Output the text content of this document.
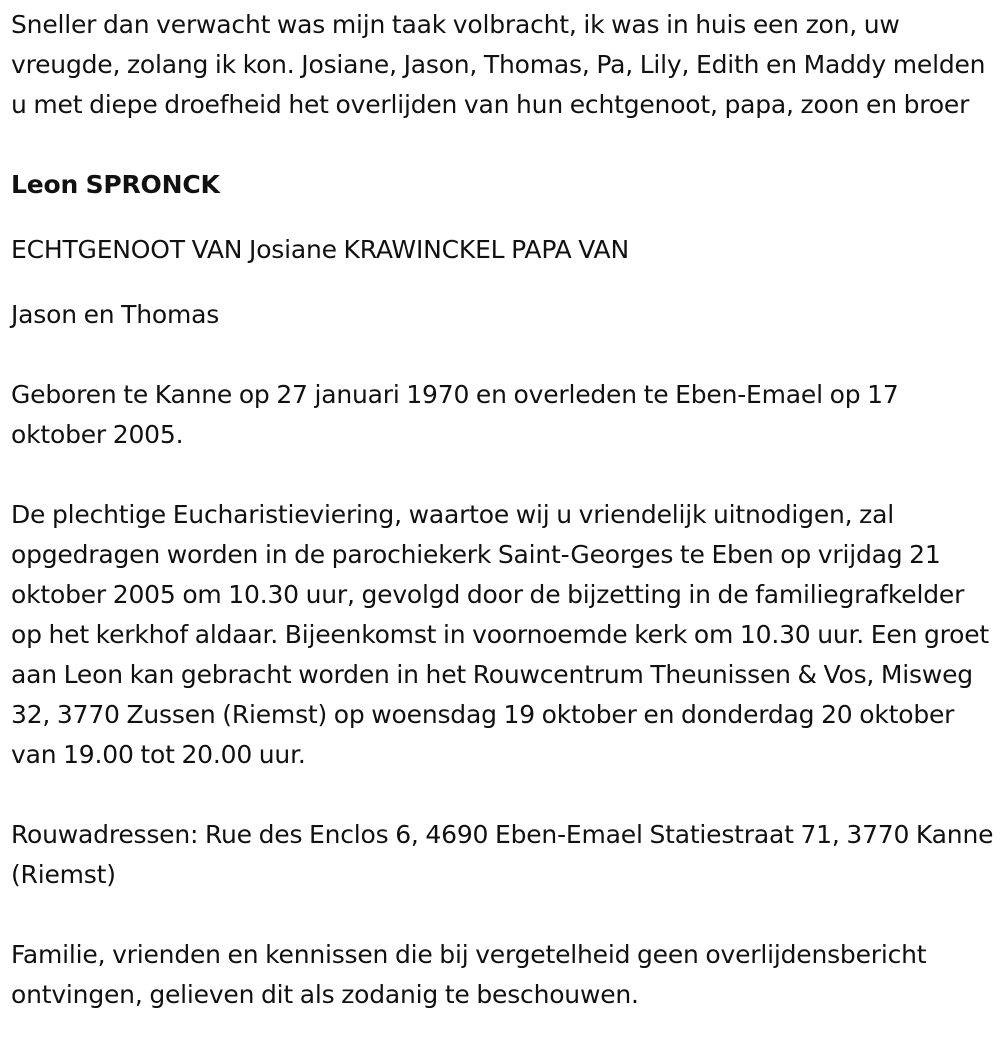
Sneller dan verwacht was mijn taak volbracht, ik was in huis een zon, uw vreugde, zolang ik kon. Josiane, Jason, Thomas, Pa, Lily, Edith en Maddy melden u met diepe droefheid het overlijden van hun echtgenoot, papa, zoon en broer

Leon SPRONCK

ECHTGENOOT VAN Josiane KRAWINCKEL PAPA VAN

Jason en Thomas

Geboren te Kanne op 27 januari 1970 en overleden te Eben-Emael op 17 oktober 2005.

De plechtige Eucharistieviering, waartoe wij u vriendelijk uitnodigen, zal opgedragen worden in de parochiekerk Saint-Georges te Eben op vrijdag 21 oktober 2005 om 10.30 uur, gevolgd door de bijzetting in de familiegrafkelder op het kerkhof aldaar. Bijeenkomst in voornoemde kerk om 10.30 uur. Een groet aan Leon kan gebracht worden in het Rouwcentrum Theunissen & Vos, Misweg 32, 3770 Zussen (Riemst) op woensdag 19 oktober en donderdag 20 oktober van 19.00 tot 20.00 uur.

Rouwadressen: Rue des Enclos 6, 4690 Eben-Emael Statiestraat 71, 3770 Kanne (Riemst)

Familie, vrienden en kennissen die bij vergetelheid geen overlijdensbericht ontvingen, gelieven dit als zodanig te beschouwen.
